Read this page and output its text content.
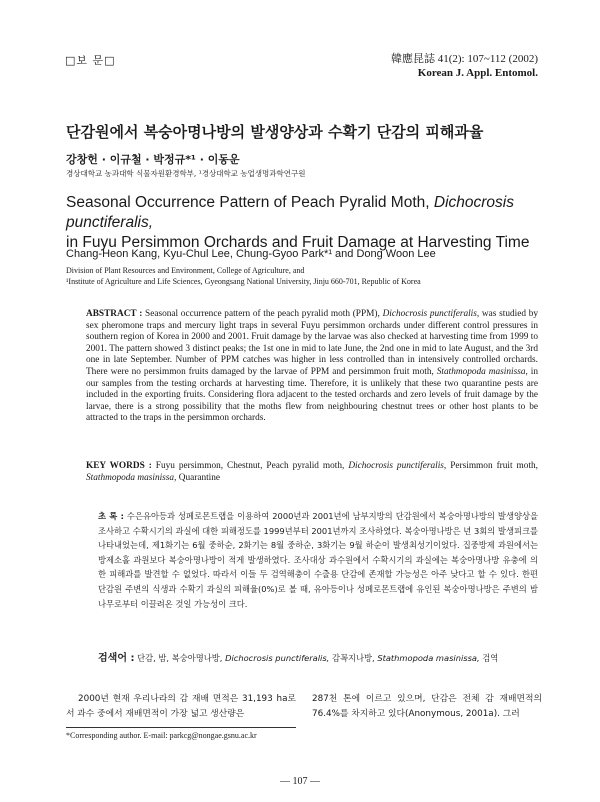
□보 문□	韓應昆誌 41(2): 107~112 (2002)
Korean J. Appl. Entomol.
단감원에서 복숭아명나방의 발생양상과 수확기 단감의 피해과율
강창헌 · 이규철 · 박정규*¹ · 이동운
경상대학교 농과대학 식물자원환경학부, ¹경상대학교 농업생명과학연구원
Seasonal Occurrence Pattern of Peach Pyralid Moth, Dichocrosis punctiferalis,
in Fuyu Persimmon Orchards and Fruit Damage at Harvesting Time
Chang-Heon Kang, Kyu-Chul Lee, Chung-Gyoo Park*¹ and Dong Woon Lee
Division of Plant Resources and Environment, College of Agriculture, and
¹Institute of Agriculture and Life Sciences, Gyeongsang National University, Jinju 660-701, Republic of Korea
ABSTRACT : Seasonal occurrence pattern of the peach pyralid moth (PPM), Dichocrosis punctiferalis, was studied by sex pheromone traps and mercury light traps in several Fuyu persimmon orchards under different control pressures in southern region of Korea in 2000 and 2001. Fruit damage by the larvae was also checked at harvesting time from 1999 to 2001. The pattern showed 3 distinct peaks; the 1st one in mid to late June, the 2nd one in mid to late August, and the 3rd one in late September. Number of PPM catches was higher in less controlled than in intensively controlled orchards. There were no persimmon fruits damaged by the larvae of PPM and persimmon fruit moth, Stathmopoda masinissa, in our samples from the testing orchards at harvesting time. Therefore, it is unlikely that these two quarantine pests are included in the exporting fruits. Considering flora adjacent to the tested orchards and zero levels of fruit damage by the larvae, there is a strong possibility that the moths flew from neighbouring chestnut trees or other host plants to be attracted to the traps in the persimmon orchards.
KEY WORDS : Fuyu persimmon, Chestnut, Peach pyralid moth, Dichocrosis punctiferalis, Persimmon fruit moth, Stathmopoda masinissa, Quarantine
초 록 : 수은유아등과 성페로몬트랩을 이용하여 2000년과 2001년에 남부지방의 단감원에서 복숭아명나방의 발생양상을 조사하고 수확시기의 과실에 대한 피해정도를 1999년부터 2001년까지 조사하였다. 복숭아명나방은 년 3회의 발생피크를 나타내었는데, 제1화기는 6월 중하순, 2화기는 8월 중하순, 3화기는 9월 하순이 발생최성기이었다. 집중방제 과원에서는 방제소홀 과원보다 복숭아명나방이 적게 발생하였다. 조사대상 과수원에서 수확시기의 과실에는 복숭아명나방 유충에 의한 피해과를 발견할 수 없었다. 따라서 이들 두 검역해충이 수출용 단감에 존재할 가능성은 아주 낮다고 할 수 있다. 한편 단감원 주변의 식생과 수확기 과실의 피해율(0%)로 볼 때, 유아등이나 성페로몬트랩에 유인된 복숭아명나방은 주변의 밤나무로부터 이끌려온 것일 가능성이 크다.
검색어 : 단감, 밤, 복숭아명나방, Dichocrosis punctiferalis, 감꼭지나방, Stathmopoda masinissa, 검역
2000년 현재 우리나라의 감 재배 면적은 31,193 ha로서 과수 중에서 재배면적이 가장 넓고 생산량은
287천 톤에 이르고 있으며, 단감은 전체 감 재배면적의 76.4%를 차지하고 있다(Anonymous, 2001a). 그러
*Corresponding author. E-mail: parkcg@nongae.gsnu.ac.kr
— 107 —
